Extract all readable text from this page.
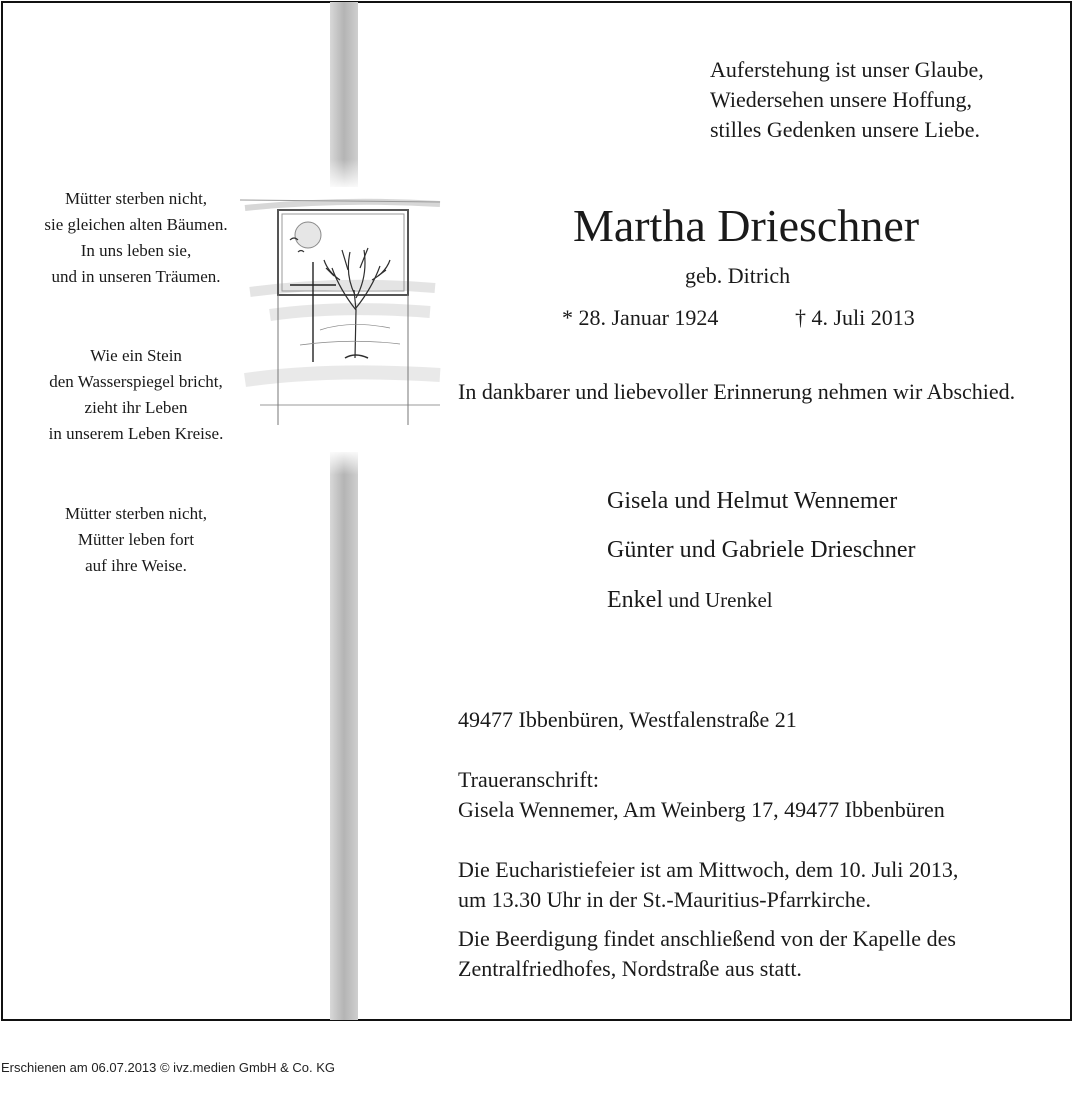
Mütter sterben nicht,
sie gleichen alten Bäumen.
In uns leben sie,
und in unseren Träumen.
Wie ein Stein
den Wasserspiegel bricht,
zieht ihr Leben
in unserem Leben Kreise.
Mütter sterben nicht,
Mütter leben fort
auf ihre Weise.
Auferstehung ist unser Glaube,
Wiedersehen unsere Hoffung,
stilles Gedenken unsere Liebe.
Martha Drieschner
geb. Ditrich
* 28. Januar 1924	† 4. Juli 2013
In dankbarer und liebevoller Erinnerung nehmen wir Abschied.
Gisela und Helmut Wennemer
Günter und Gabriele Drieschner
Enkel und Urenkel
49477 Ibbenbüren, Westfalenstraße 21
Traueranschrift:
Gisela Wennemer, Am Weinberg 17, 49477 Ibbenbüren
Die Eucharistiefeier ist am Mittwoch, dem 10. Juli 2013,
um 13.30 Uhr in der St.-Mauritius-Pfarrkirche.
Die Beerdigung findet anschließend von der Kapelle des
Zentralfriedhofes, Nordstraße aus statt.
Erschienen am 06.07.2013 © ivz.medien GmbH & Co. KG
